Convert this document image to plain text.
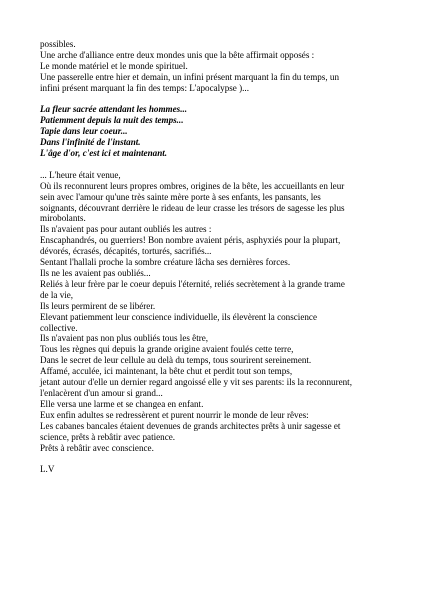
possibles.

Une arche d'alliance entre deux mondes unis que la bête affirmait opposés :

Le monde matériel et le monde spirituel.

Une passerelle entre hier et demain, un infini présent marquant la fin du temps, un

infini présent marquant la fin des temps: L'apocalypse )...

La fleur sacrée attendant les hommes...

Patiemment depuis la nuit des temps...

Tapie dans leur coeur...

Dans l'infinité de l'instant.

L'âge d'or, c'est ici et maintenant.

... L'heure était venue,

Où ils reconnurent leurs propres ombres, origines de la bête, les accueillants en leur

sein avec l'amour qu'une très sainte mère porte à ses enfants, les pansants, les

soignants, découvrant derrière le rideau de leur crasse les trésors de sagesse les plus

mirobolants.

Ils n'avaient pas pour autant oubliés les autres :

Enscaphandrés, ou guerriers! Bon nombre avaient péris, asphyxiés pour la plupart,

dévorés, écrasés, décapités, torturés, sacrifiés...

Sentant l'hallali proche la sombre créature lâcha ses dernières forces.

Ils ne les avaient pas oubliés...

Reliés à leur frère par le coeur depuis l'éternité, reliés secrètement à la grande trame

de la vie,

Ils leurs permirent de se libérer.

Elevant patiemment leur conscience individuelle, ils élevèrent la conscience

collective.

Ils n'avaient pas non plus oubliés tous les être,

Tous les règnes qui depuis la grande origine avaient foulés cette terre,

Dans le secret de leur cellule au delà du temps, tous sourirent sereinement.

Affamé, acculée, ici maintenant, la bête chut et perdit tout son temps,

jetant autour d'elle un dernier regard angoissé elle y vit ses parents: ils la reconnurent,

l'enlacèrent d'un amour si grand...

Elle versa une larme et se changea en enfant.

Eux enfin adultes se redressèrent et purent nourrir le monde de leur rêves:

Les cabanes bancales étaient devenues de grands architectes prêts à unir sagesse et

science, prêts à rebâtir avec patience.

Prêts à rebâtir avec conscience.

L.V
